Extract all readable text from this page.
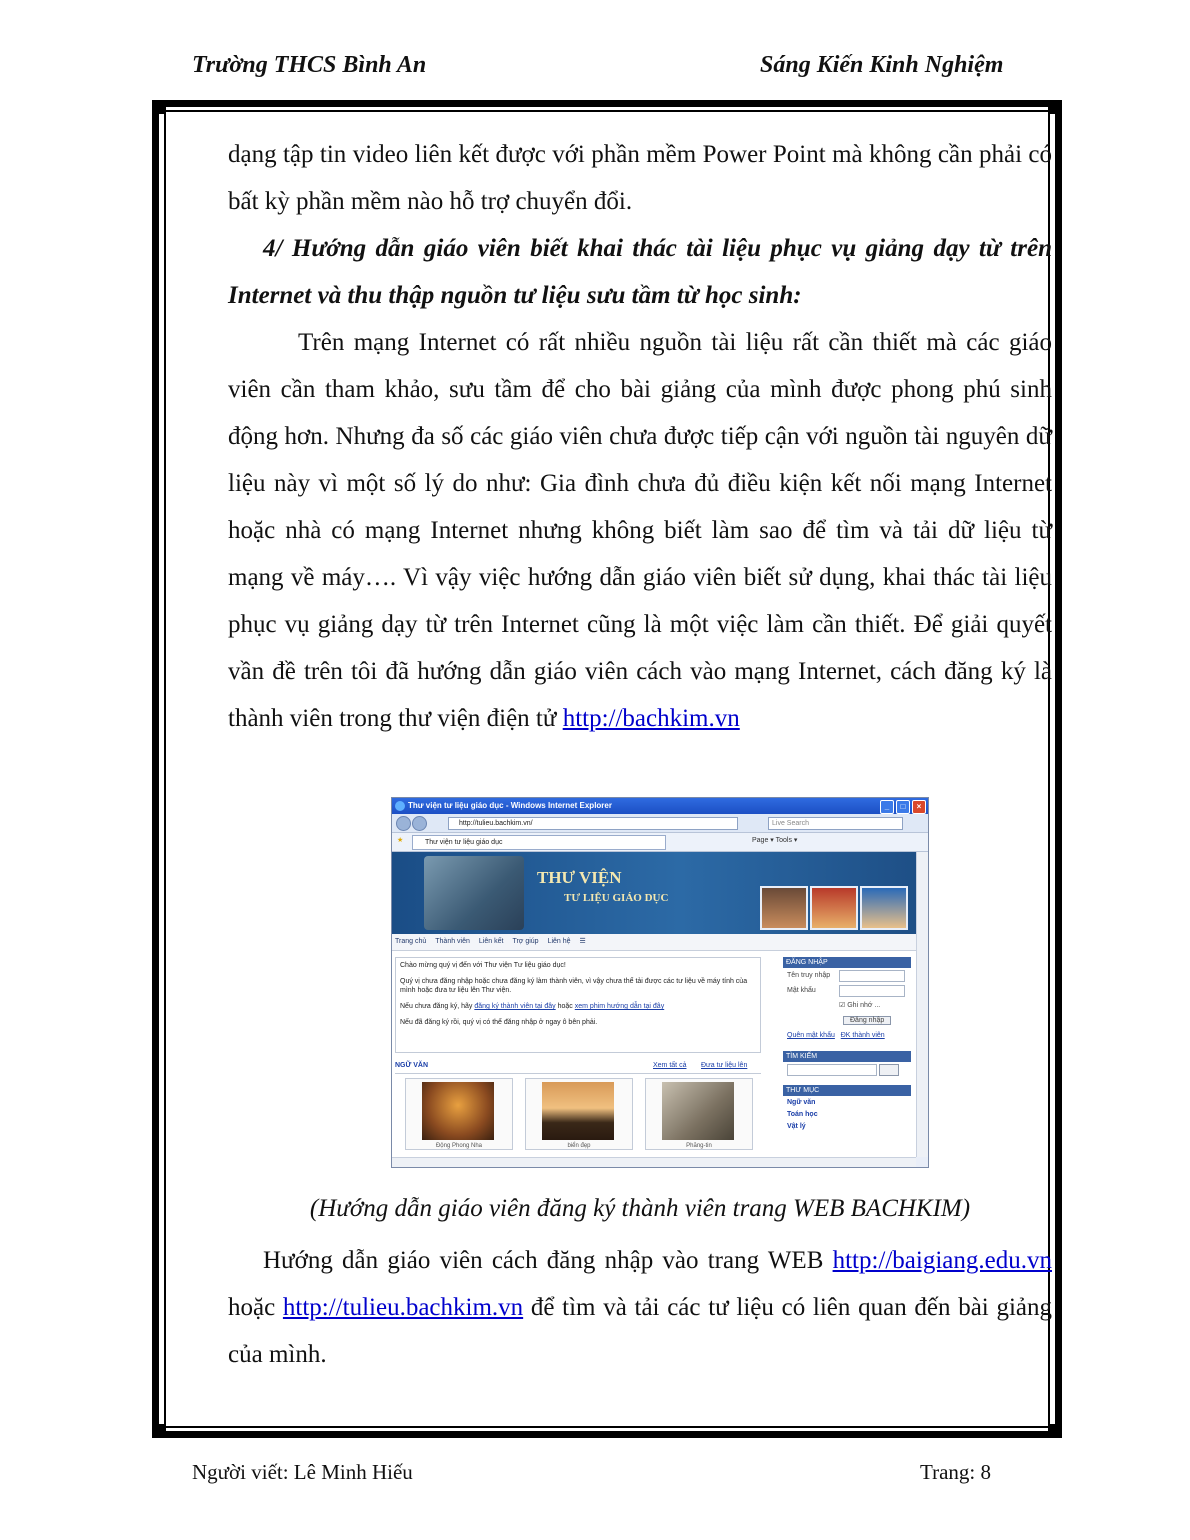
Trường THCS Bình An	Sáng Kiến Kinh Nghiệm
dạng tập tin video liên kết được với phần mềm Power Point mà không cần phải có bất kỳ phần mềm nào hỗ trợ chuyển đổi.
4/ Hướng dẫn giáo viên biết khai thác tài liệu phục vụ giảng dạy từ trên Internet và thu thập nguồn tư liệu sưu tầm từ học sinh:
Trên mạng Internet có rất nhiều nguồn tài liệu rất cần thiết mà các giáo viên cần tham khảo, sưu tầm để cho bài giảng của mình được phong phú sinh động hơn. Nhưng đa số các giáo viên chưa được tiếp cận với nguồn tài nguyên dữ liệu này vì một số lý do như: Gia đình chưa đủ điều kiện kết nối mạng Internet hoặc nhà có mạng Internet nhưng không biết làm sao để tìm và tải dữ liệu từ mạng về máy…. Vì vậy việc hướng dẫn giáo viên biết sử dụng, khai thác tài liệu phục vụ giảng dạy từ trên Internet cũng là một việc làm cần thiết. Để giải quyết vần đề trên tôi đã hướng dẫn giáo viên cách vào mạng Internet, cách đăng ký là thành viên trong thư viện điện tử http://bachkim.vn
Thư viện tư liệu giáo dục - Windows Internet Explorer	_	□	×
http://tulieu.bachkim.vn/	Live Search
★	Thư viện tư liệu giáo dục	Page ▾ Tools ▾
THƯ VIỆN
TƯ LIỆU GIÁO DỤC
Trang chủ Thành viên Liên kết Trợ giúp Liên hệ ☰

Chào mừng quý vị đến với Thư viện Tư liệu giáo dục!

Quý vị chưa đăng nhập hoặc chưa đăng ký làm thành viên, vì vậy chưa thể tải được các tư liệu về máy tính của mình hoặc đưa tư liệu lên Thư viện.

Nếu chưa đăng ký, hãy đăng ký thành viên tại đây hoặc xem phim hướng dẫn tại đây

Nếu đã đăng ký rồi, quý vị có thể đăng nhập ở ngay ô bên phải.

ĐĂNG NHẬP
Tên truy nhập
Mật khẩu
☑ Ghi nhớ ...
Đăng nhập
Quên mật khẩu ĐK thành viên
TÌM KIẾM
THƯ MỤC
Ngữ văn
Toán học
Vật lý
NGỮ VĂN	Xem tất cả Đưa tư liệu lên
Động Phong Nha	biển đẹp	Phăng-tin
(Hướng dẫn giáo viên đăng ký thành viên trang WEB BACHKIM)
Hướng dẫn giáo viên cách đăng nhập vào trang WEB http://baigiang.edu.vn hoặc http://tulieu.bachkim.vn để tìm và tải các tư liệu có liên quan đến bài giảng của mình.
Người viết: Lê Minh Hiếu	Trang: 8
